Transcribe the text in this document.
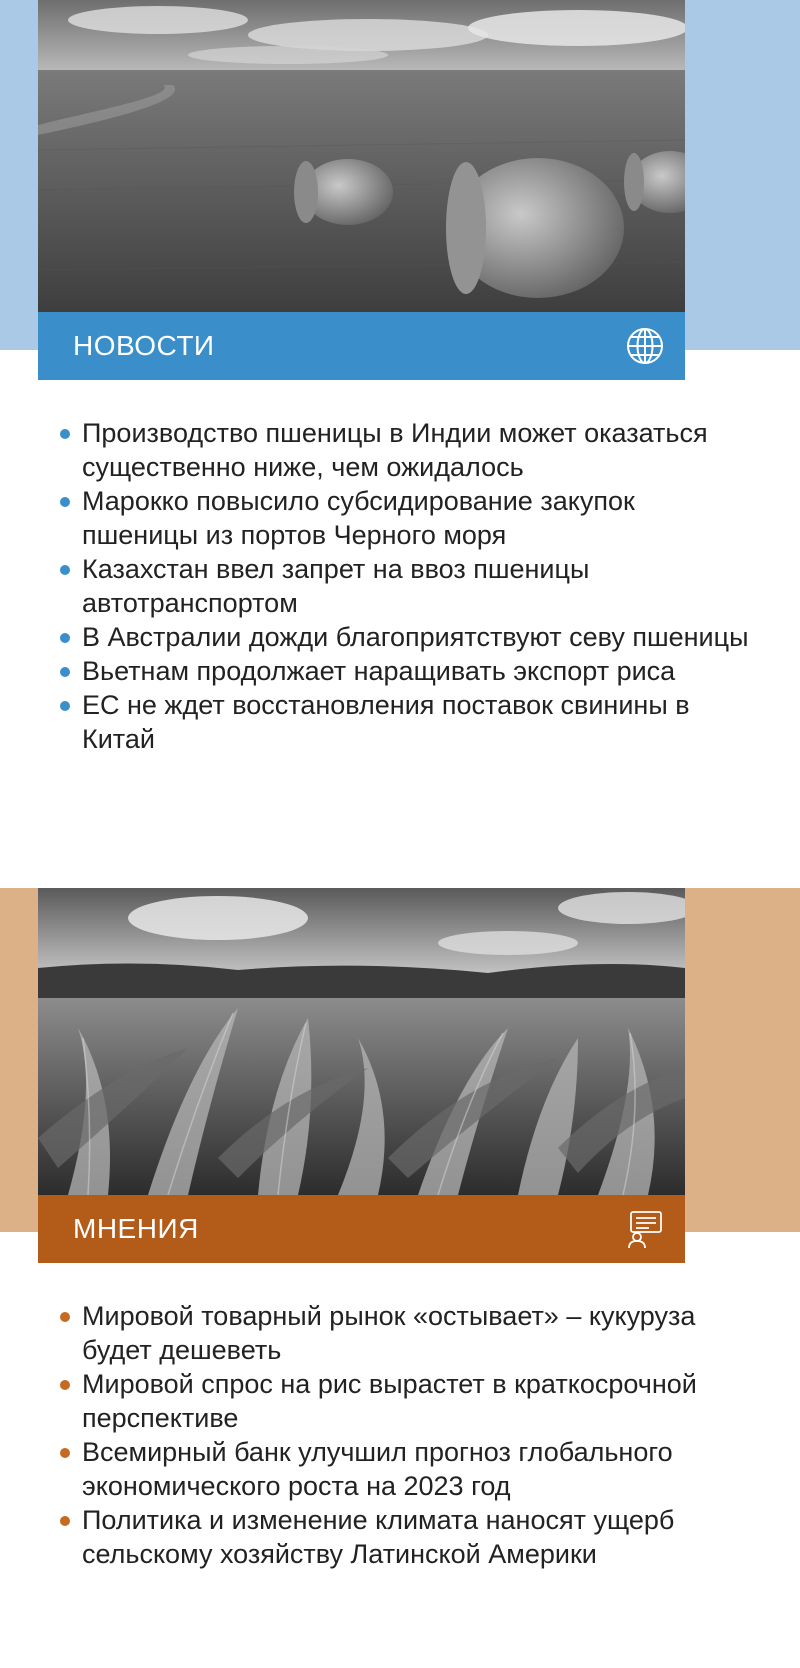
НОВОСТИ
Производство пшеницы в Индии может оказаться существенно ниже, чем ожидалось
Марокко повысило субсидирование закупок пшеницы из портов Черного моря
Казахстан ввел запрет на ввоз пшеницы автотранспортом
В Австралии дожди благоприятствуют севу пшеницы
Вьетнам продолжает наращивать экспорт риса
ЕС не ждет восстановления поставок свинины в Китай
МНЕНИЯ
Мировой товарный рынок «остывает» – кукуруза будет дешеветь
Мировой спрос на рис вырастет в краткосрочной перспективе
Всемирный банк улучшил прогноз глобального экономического роста на 2023 год
Политика и изменение климата наносят ущерб сельскому хозяйству Латинской Америки
